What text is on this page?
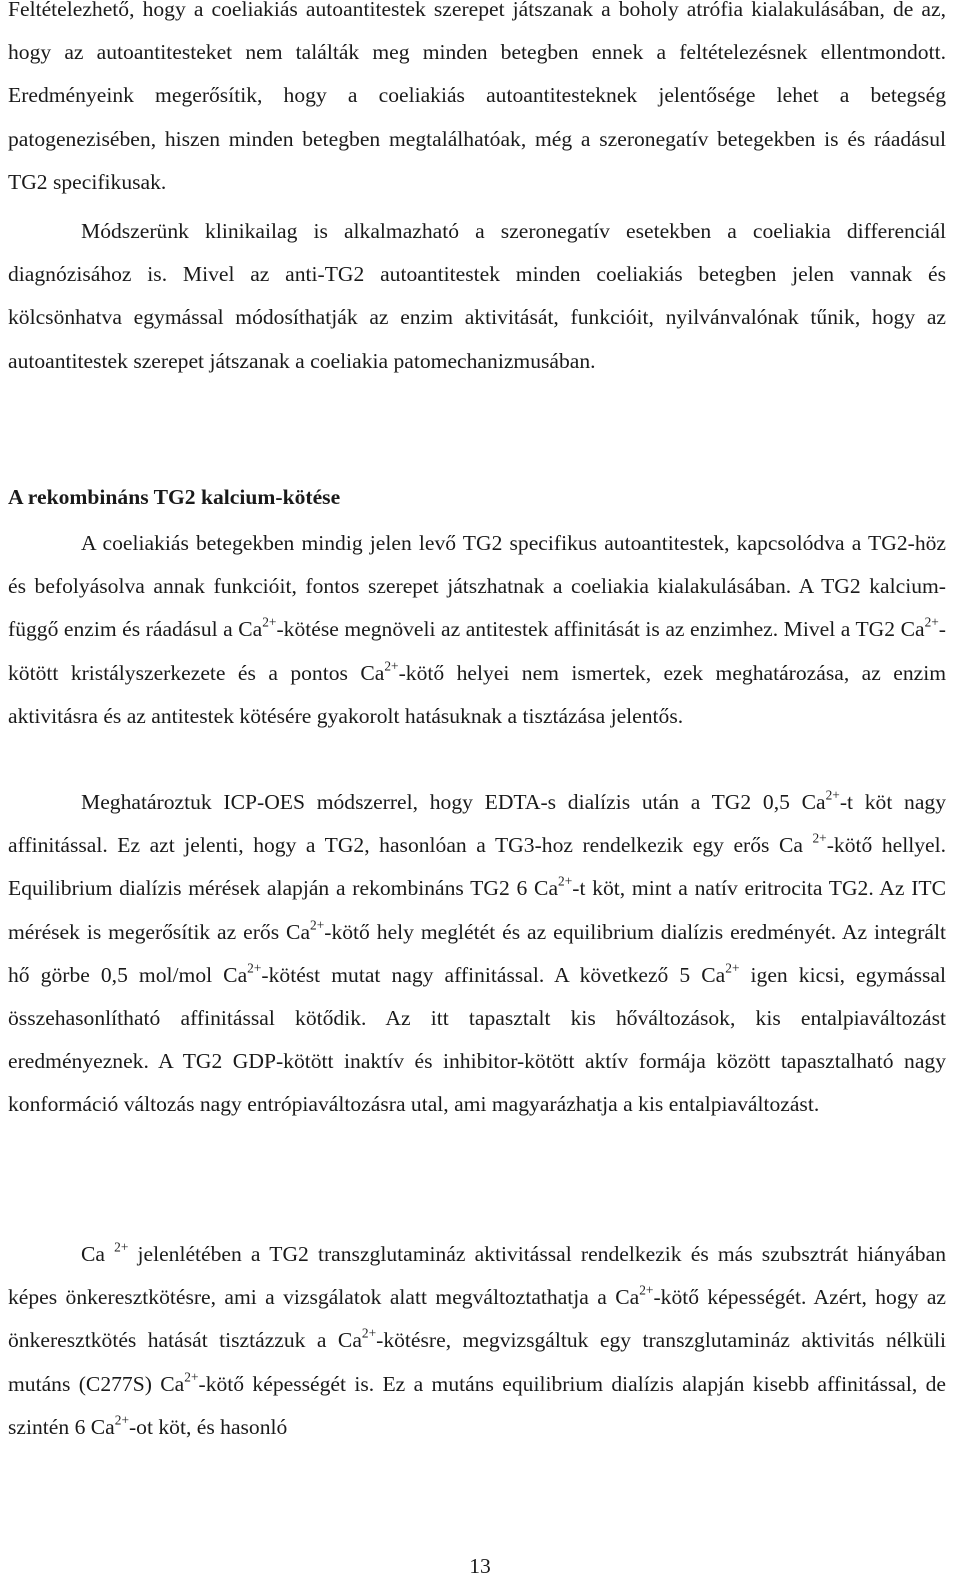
Feltételezhető, hogy a coeliakiás autoantitestek szerepet játszanak a boholy atrófia kialakulásában, de az, hogy az autoantitesteket nem találták meg minden betegben ennek a feltételezésnek ellentmondott. Eredményeink megerősítik, hogy a coeliakiás autoantitesteknek jelentősége lehet a betegség patogenezisében, hiszen minden betegben megtalálhatóak, még a szeronegatív betegekben is és ráadásul TG2 specifikusak.

Módszerünk klinikailag is alkalmazható a szeronegatív esetekben a coeliakia differenciál diagnózisához is. Mivel az anti-TG2 autoantitestek minden coeliakiás betegben jelen vannak és kölcsönhatva egymással módosíthatják az enzim aktivitását, funkcióit, nyilvánvalónak tűnik, hogy az autoantitestek szerepet játszanak a coeliakia patomechanizmusában.

A rekombináns TG2 kalcium-kötése

A coeliakiás betegekben mindig jelen levő TG2 specifikus autoantitestek, kapcsolódva a TG2-höz és befolyásolva annak funkcióit, fontos szerepet játszhatnak a coeliakia kialakulásában. A TG2 kalcium-függő enzim és ráadásul a $Ca^{2+}$-kötése megnöveli az antitestek affinitását is az enzimhez. Mivel a TG2 $Ca^{2+}$-kötött kristályszerkezete és a pontos $Ca^{2+}$-kötő helyei nem ismertek, ezek meghatározása, az enzim aktivitásra és az antitestek kötésére gyakorolt hatásuknak a tisztázása jelentős.

Meghatároztuk ICP-OES módszerrel, hogy EDTA-s dialízis után a TG2 0,5 $Ca^{2+}-t$ köt nagy affinitással. Ez azt jelenti, hogy a TG2, hasonlóan a TG3-hoz rendelkezik egy erős Ca $^{2+}$-kötő hellyel. Equilibrium dialízis mérések alapján a rekombináns TG2 6 $Ca^{2+}-t$ köt, mint a natív eritrocita TG2. Az ITC mérések is megerősítik az erős $Ca^{2+}$-kötő hely meglétét és az equilibrium dialízis eredményét. Az integrált hő görbe 0,5 mol/mol $Ca^{2+}$-kötést mutat nagy affinitással. A következő 5 $Ca^{2+}$ igen kicsi, egymással összehasonlítható affinitással kötődik. Az itt tapasztalt kis hőváltozások, kis entalpiaváltozást eredményeznek. A TG2 GDP-kötött inaktív és inhibitor-kötött aktív formája között tapasztalható nagy konformáció változás nagy entrópiaváltozásra utal, ami magyarázhatja a kis entalpiaváltozást.

Ca $^{2+}$ jelenlétében a TG2 transzglutamináz aktivitással rendelkezik és más szubsztrát hiányában képes önkeresztkötésre, ami a vizsgálatok alatt megváltoztathatja a $Ca^{2+}$-kötő képességét. Azért, hogy az önkeresztkötés hatását tisztázzuk a $Ca^{2+}$-kötésre, megvizsgáltuk egy transzglutamináz aktivitás nélküli mutáns (C277S) $Ca^{2+}$-kötő képességét is. Ez a mutáns equilibrium dialízis alapján kisebb affinitással, de szintén 6 $Ca^{2+}-ot$ köt, és hasonló

13
